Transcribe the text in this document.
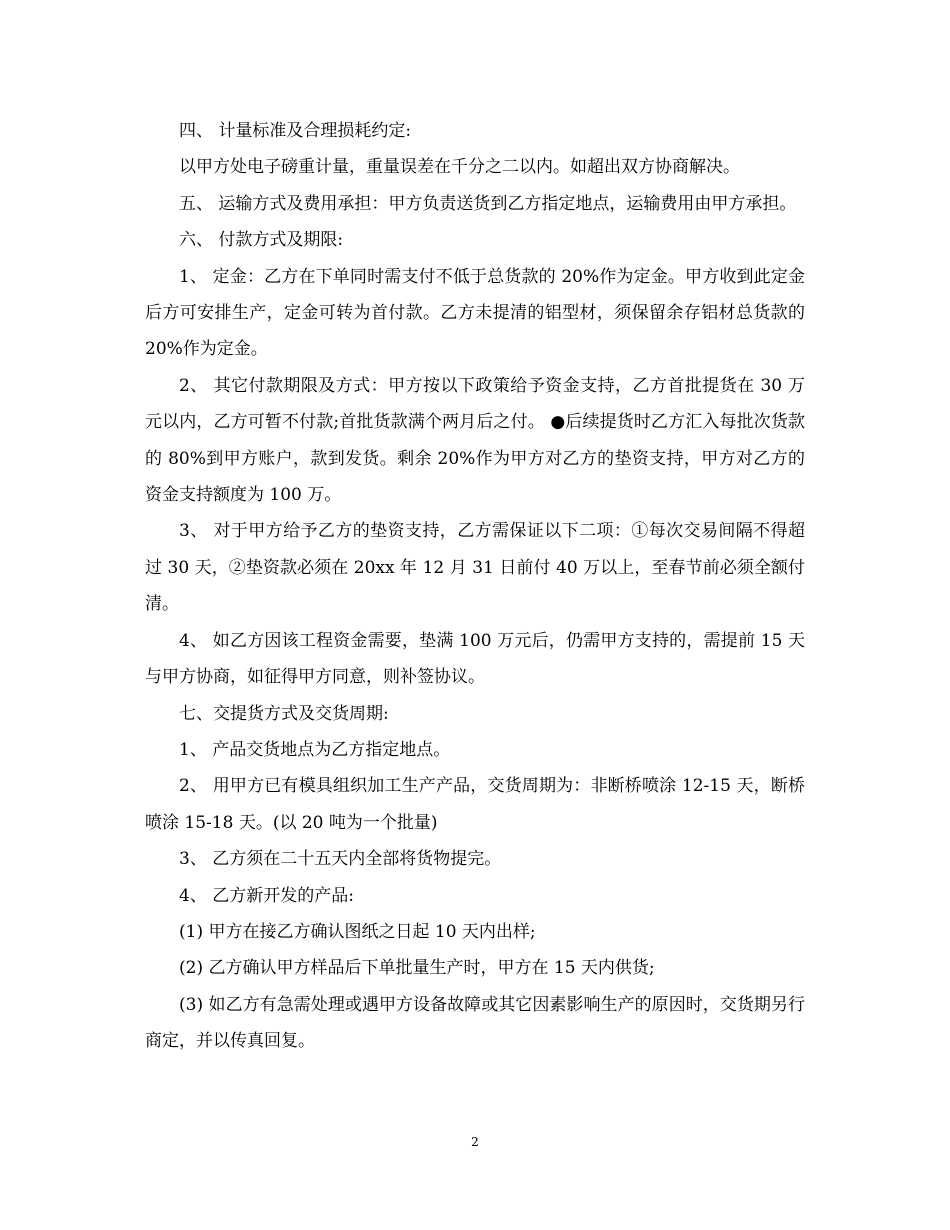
四、 计量标准及合理损耗约定:

以甲方处电子磅重计量，重量误差在千分之二以内。如超出双方协商解决。

五、 运输方式及费用承担：甲方负责送货到乙方指定地点，运输费用由甲方承担。

六、 付款方式及期限:

1、 定金：乙方在下单同时需支付不低于总货款的 20%作为定金。甲方收到此定金后方可安排生产，定金可转为首付款。乙方未提清的铝型材，须保留余存铝材总货款的 20%作为定金。

2、 其它付款期限及方式：甲方按以下政策给予资金支持，乙方首批提货在 30 万元以内，乙方可暂不付款;首批货款满个两月后之付。 ●后续提货时乙方汇入每批次货款的 80%到甲方账户，款到发货。剩余 20%作为甲方对乙方的垫资支持，甲方对乙方的资金支持额度为 100 万。

3、 对于甲方给予乙方的垫资支持，乙方需保证以下二项：①每次交易间隔不得超过 30 天，②垫资款必须在 20xx 年 12 月 31 日前付 40 万以上，至春节前必须全额付清。

4、 如乙方因该工程资金需要，垫满 100 万元后，仍需甲方支持的，需提前 15 天与甲方协商，如征得甲方同意，则补签协议。

七、交提货方式及交货周期:

1、 产品交货地点为乙方指定地点。

2、 用甲方已有模具组织加工生产产品，交货周期为：非断桥喷涂 12-15 天，断桥喷涂 15-18 天。(以 20 吨为一个批量)

3、 乙方须在二十五天内全部将货物提完。

4、 乙方新开发的产品:

(1) 甲方在接乙方确认图纸之日起 10 天内出样;

(2) 乙方确认甲方样品后下单批量生产时，甲方在 15 天内供货;

(3) 如乙方有急需处理或遇甲方设备故障或其它因素影响生产的原因时，交货期另行商定，并以传真回复。

2
